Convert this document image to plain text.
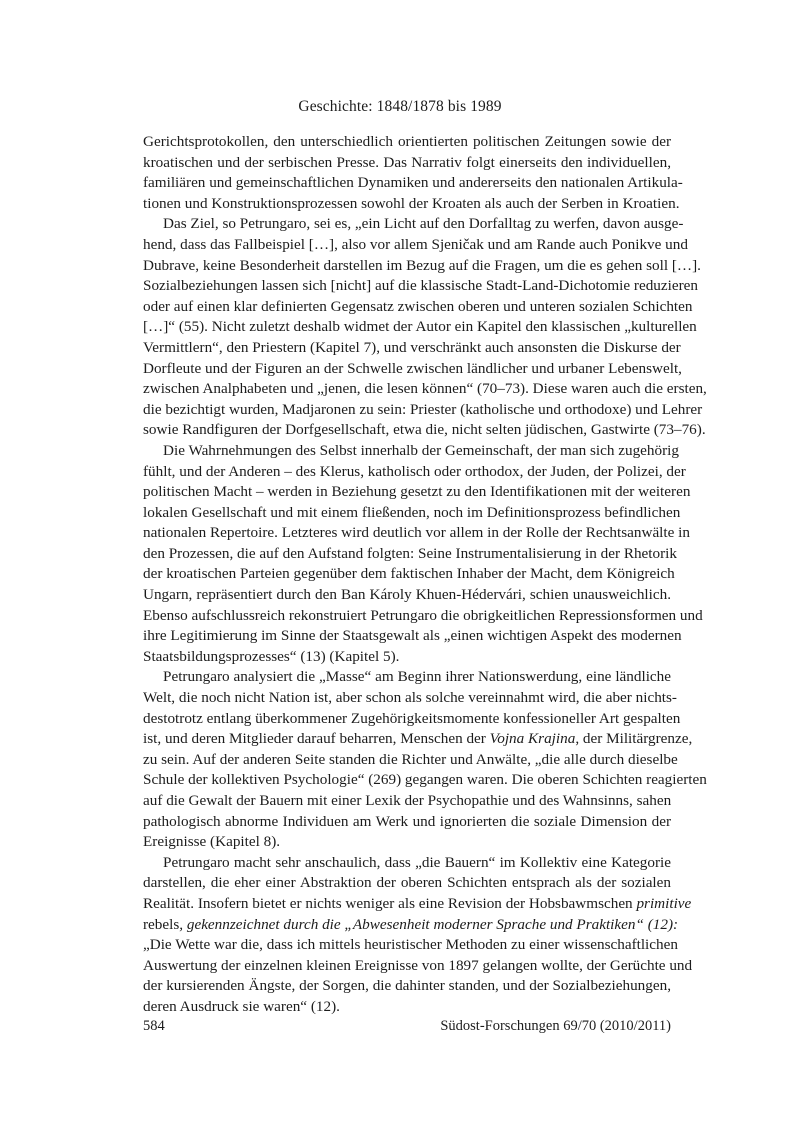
Geschichte: 1848/1878 bis 1989
Gerichtsprotokollen, den unterschiedlich orientierten politischen Zeitungen sowie der
kroatischen und der serbischen Presse. Das Narrativ folgt einerseits den individuellen,
familiären und gemeinschaftlichen Dynamiken und andererseits den nationalen Artikula-
tionen und Konstruktionsprozessen sowohl der Kroaten als auch der Serben in Kroatien.
Das Ziel, so Petrungaro, sei es, „ein Licht auf den Dorfalltag zu werfen, davon ausge-
hend, dass das Fallbeispiel […], also vor allem Sjeničak und am Rande auch Ponikve und
Dubrave, keine Besonderheit darstellen im Bezug auf die Fragen, um die es gehen soll […].
Sozialbeziehungen lassen sich [nicht] auf die klassische Stadt-Land-Dichotomie reduzieren
oder auf einen klar definierten Gegensatz zwischen oberen und unteren sozialen Schichten
[…]“ (55). Nicht zuletzt deshalb widmet der Autor ein Kapitel den klassischen „kulturellen
Vermittlern“, den Priestern (Kapitel 7), und verschränkt auch ansonsten die Diskurse der
Dorfleute und der Figuren an der Schwelle zwischen ländlicher und urbaner Lebenswelt,
zwischen Analphabeten und „jenen, die lesen können“ (70–73). Diese waren auch die ersten,
die bezichtigt wurden, Madjaronen zu sein: Priester (katholische und orthodoxe) und Lehrer
sowie Randfiguren der Dorfgesellschaft, etwa die, nicht selten jüdischen, Gastwirte (73–76).
Die Wahrnehmungen des Selbst innerhalb der Gemeinschaft, der man sich zugehörig
fühlt, und der Anderen – des Klerus, katholisch oder orthodox, der Juden, der Polizei, der
politischen Macht – werden in Beziehung gesetzt zu den Identifikationen mit der weiteren
lokalen Gesellschaft und mit einem fließenden, noch im Definitionsprozess befindlichen
nationalen Repertoire. Letzteres wird deutlich vor allem in der Rolle der Rechtsanwälte in
den Prozessen, die auf den Aufstand folgten: Seine Instrumentalisierung in der Rhetorik
der kroatischen Parteien gegenüber dem faktischen Inhaber der Macht, dem Königreich
Ungarn, repräsentiert durch den Ban Károly Khuen-Hédervári, schien unausweichlich.
Ebenso aufschlussreich rekonstruiert Petrungaro die obrigkeitlichen Repressionsformen und
ihre Legitimierung im Sinne der Staatsgewalt als „einen wichtigen Aspekt des modernen
Staatsbildungsprozesses“ (13) (Kapitel 5).
Petrungaro analysiert die „Masse“ am Beginn ihrer Nationswerdung, eine ländliche
Welt, die noch nicht Nation ist, aber schon als solche vereinnahmt wird, die aber nichts-
destotrotz entlang überkommener Zugehörigkeitsmomente konfessioneller Art gespalten
ist, und deren Mitglieder darauf beharren, Menschen der Vojna Krajina, der Militärgrenze,
zu sein. Auf der anderen Seite standen die Richter und Anwälte, „die alle durch dieselbe
Schule der kollektiven Psychologie“ (269) gegangen waren. Die oberen Schichten reagierten
auf die Gewalt der Bauern mit einer Lexik der Psychopathie und des Wahnsinns, sahen
pathologisch abnorme Individuen am Werk und ignorierten die soziale Dimension der
Ereignisse (Kapitel 8).
Petrungaro macht sehr anschaulich, dass „die Bauern“ im Kollektiv eine Kategorie
darstellen, die eher einer Abstraktion der oberen Schichten entsprach als der sozialen
Realität. Insofern bietet er nichts weniger als eine Revision der Hobsbawmschen primitive
rebels, gekennzeichnet durch die „Abwesenheit moderner Sprache und Praktiken“ (12):
„Die Wette war die, dass ich mittels heuristischer Methoden zu einer wissenschaftlichen
Auswertung der einzelnen kleinen Ereignisse von 1897 gelangen wollte, der Gerüchte und
der kursierenden Ängste, der Sorgen, die dahinter standen, und der Sozialbeziehungen,
deren Ausdruck sie waren“ (12).
584	Südost-Forschungen 69/70 (2010/2011)
